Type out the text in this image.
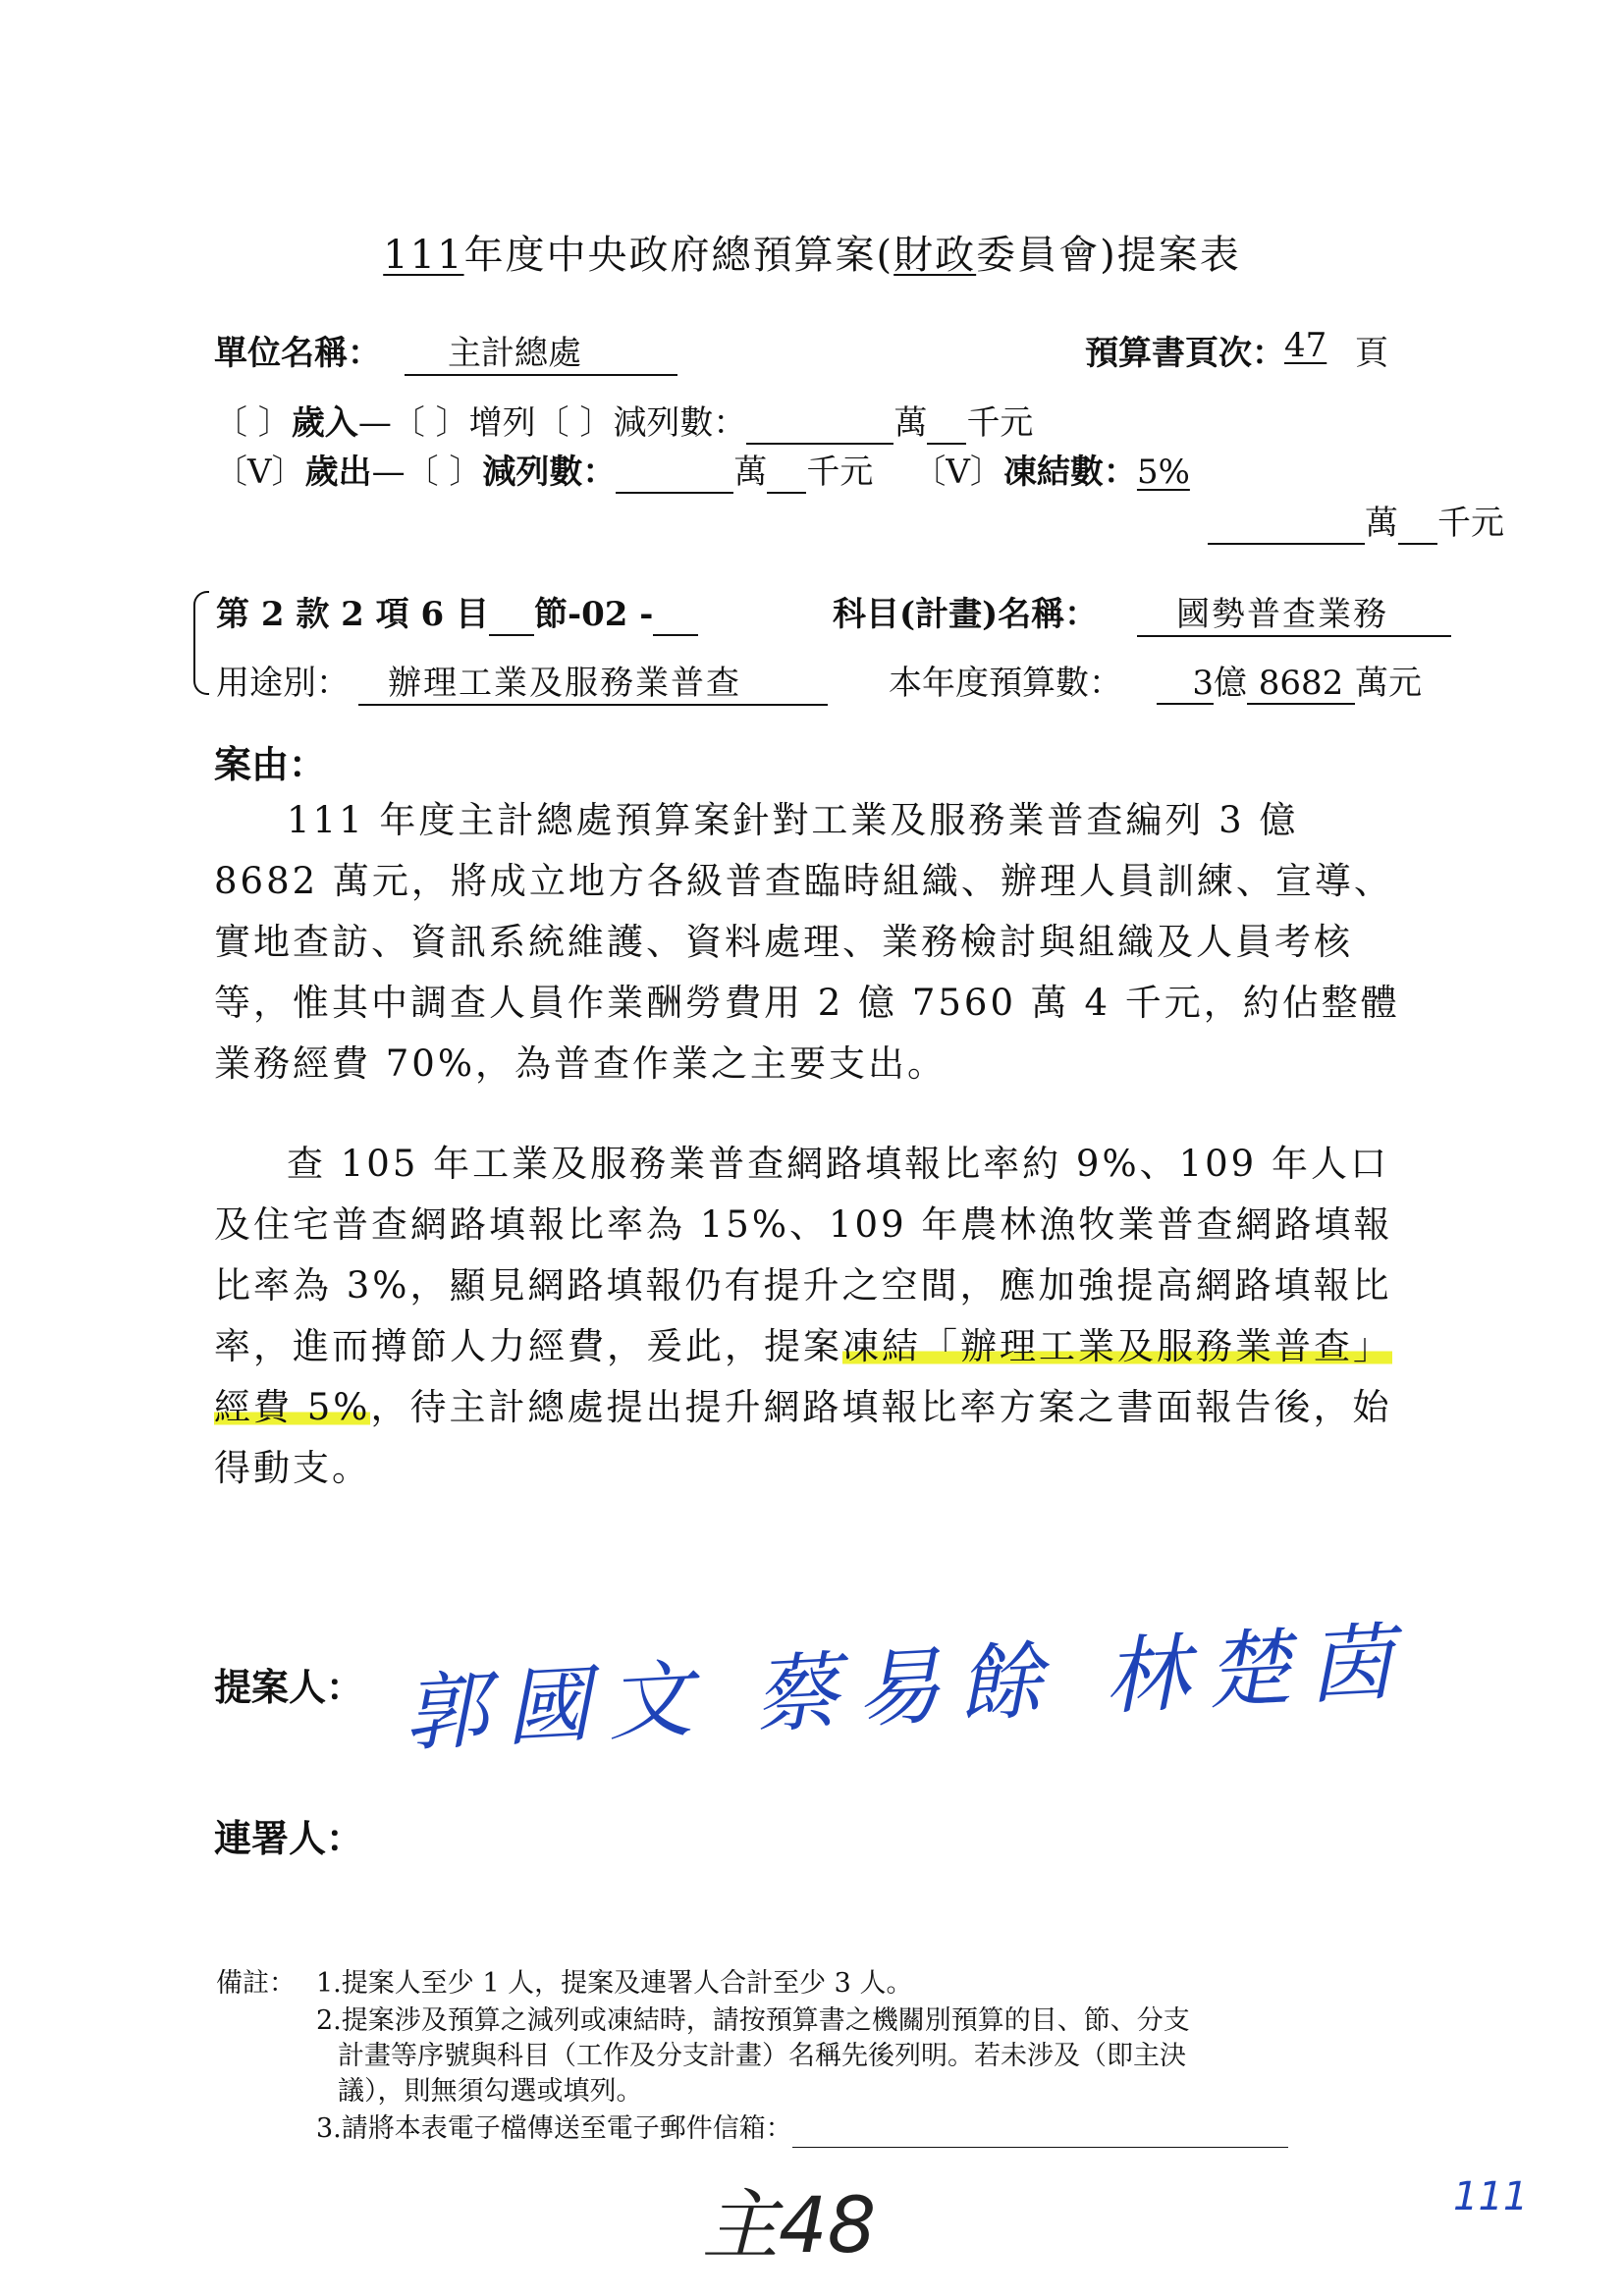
111年度中央政府總預算案(財政委員會)提案表
單位名稱：	主計總處	預算書頁次： 47 頁
〔 〕歲入—〔 〕增列〔 〕減列數：	萬 千元
〔V〕歲出—〔 〕減列數：	萬 千元 〔V〕凍結數：5%
萬 千元
第 2 款 2 項 6 目 節-02 -	科目(計畫)名稱：	國勢普查業務
用途別：	辦理工業及服務業普查	本年度預算數：	3億 8682 萬元
案由：
111 年度主計總處預算案針對工業及服務業普查編列 3 億 8682 萬元，將成立地方各級普查臨時組織、辦理人員訓練、宣導、實地查訪、資訊系統維護、資料處理、業務檢討與組織及人員考核等，惟其中調查人員作業酬勞費用 2 億 7560 萬 4 千元，約佔整體業務經費 70%，為普查作業之主要支出。
查 105 年工業及服務業普查網路填報比率約 9%、109 年人口及住宅普查網路填報比率為 15%、109 年農林漁牧業普查網路填報比率為 3%，顯見網路填報仍有提升之空間，應加強提高網路填報比率，進而撙節人力經費，爰此，提案凍結「辦理工業及服務業普查」經費 5%，待主計總處提出提升網路填報比率方案之書面報告後，始得動支。
提案人： 郭國文 蔡易餘 林楚茵
連署人：
備註： 1.提案人至少 1 人，提案及連署人合計至少 3 人。
2.提案涉及預算之減列或凍結時，請按預算書之機關別預算的目、節、分支
計畫等序號與科目（工作及分支計畫）名稱先後列明。若未涉及（即主決
議），則無須勾選或填列。
3.請將本表電子檔傳送至電子郵件信箱：
主48	111
